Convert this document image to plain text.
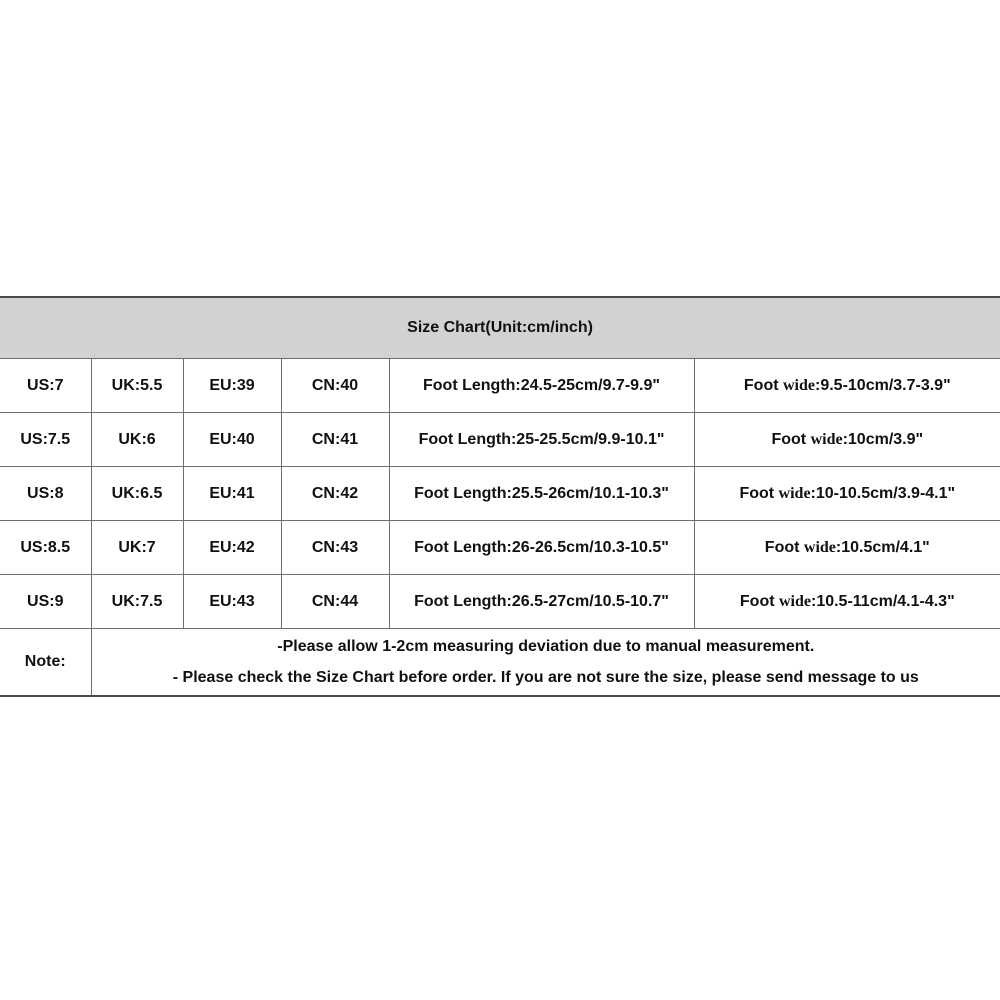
Size Chart(Unit:cm/inch)					
US:7	UK:5.5	EU:39	CN:40	Foot Length:24.5-25cm/9.7-9.9"	Foot wide:9.5-10cm/3.7-3.9"
US:7.5	UK:6	EU:40	CN:41	Foot Length:25-25.5cm/9.9-10.1"	Foot wide:10cm/3.9"
US:8	UK:6.5	EU:41	CN:42	Foot Length:25.5-26cm/10.1-10.3"	Foot wide:10-10.5cm/3.9-4.1"
US:8.5	UK:7	EU:42	CN:43	Foot Length:26-26.5cm/10.3-10.5"	Foot wide:10.5cm/4.1"
US:9	UK:7.5	EU:43	CN:44	Foot Length:26.5-27cm/10.5-10.7"	Foot wide:10.5-11cm/4.1-4.3"
Note:	-Please allow 1-2cm measuring deviation due to manual measurement.
- Please check the Size Chart before order. If you are not sure the size, please send message to us				
